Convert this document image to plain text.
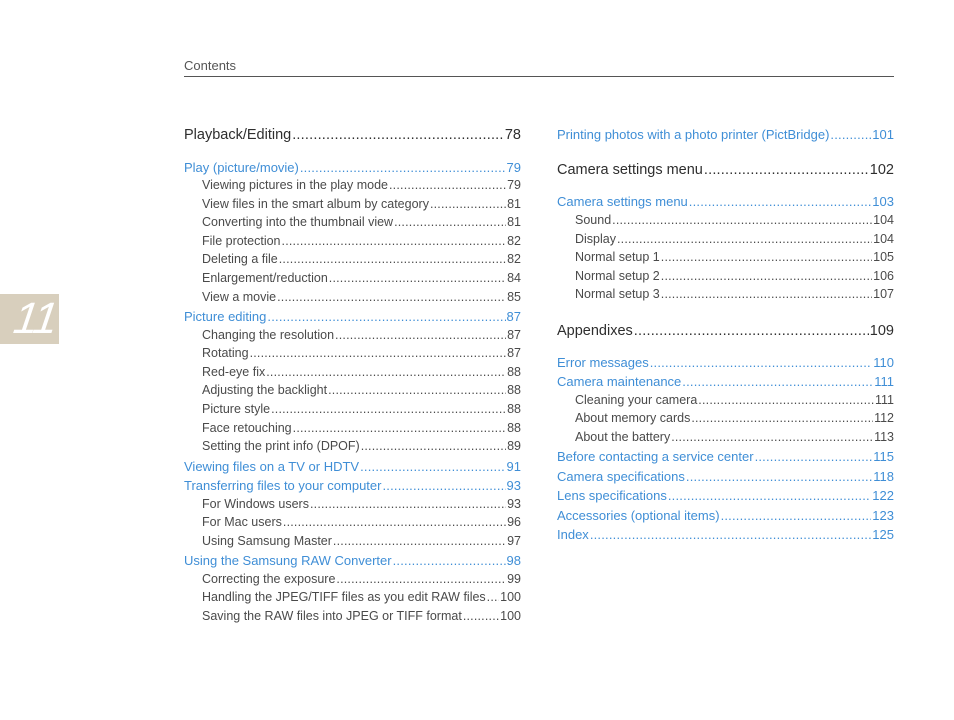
11
Contents
Playback/Editing .....	78
Play (picture/movie) .....	79
Viewing pictures in the play mode .....	79
View files in the smart album by category .....	81
Converting into the thumbnail view .....	81
File protection .....	82
Deleting a file .....	82
Enlargement/reduction .....	84
View a movie .....	85
Picture editing .....	87
Changing the resolution .....	87
Rotating .....	87
Red-eye fix .....	88
Adjusting the backlight .....	88
Picture style .....	88
Face retouching .....	88
Setting the print info (DPOF) .....	89
Viewing files on a TV or HDTV .....	91
Transferring files to your computer .....	93
For Windows users .....	93
For Mac users .....	96
Using Samsung Master .....	97
Using the Samsung RAW Converter .....	98
Correcting the exposure .....	99
Handling the JPEG/TIFF files as you edit RAW files ..... 100
Saving the RAW files into JPEG or TIFF format .....	100
Printing photos with a photo printer (PictBridge) .....	101
Camera settings menu .....	102
Camera settings menu .....	103
Sound .....	104
Display .....	104
Normal setup 1 .....	105
Normal setup 2 .....	106
Normal setup 3 .....	107
Appendixes .....	109
Error messages .....	110
Camera maintenance .....	111
Cleaning your camera .....	111
About memory cards .....	112
About the battery .....	113
Before contacting a service center .....	115
Camera specifications .....	118
Lens specifications .....	122
Accessories (optional items) .....	123
Index .....	125
